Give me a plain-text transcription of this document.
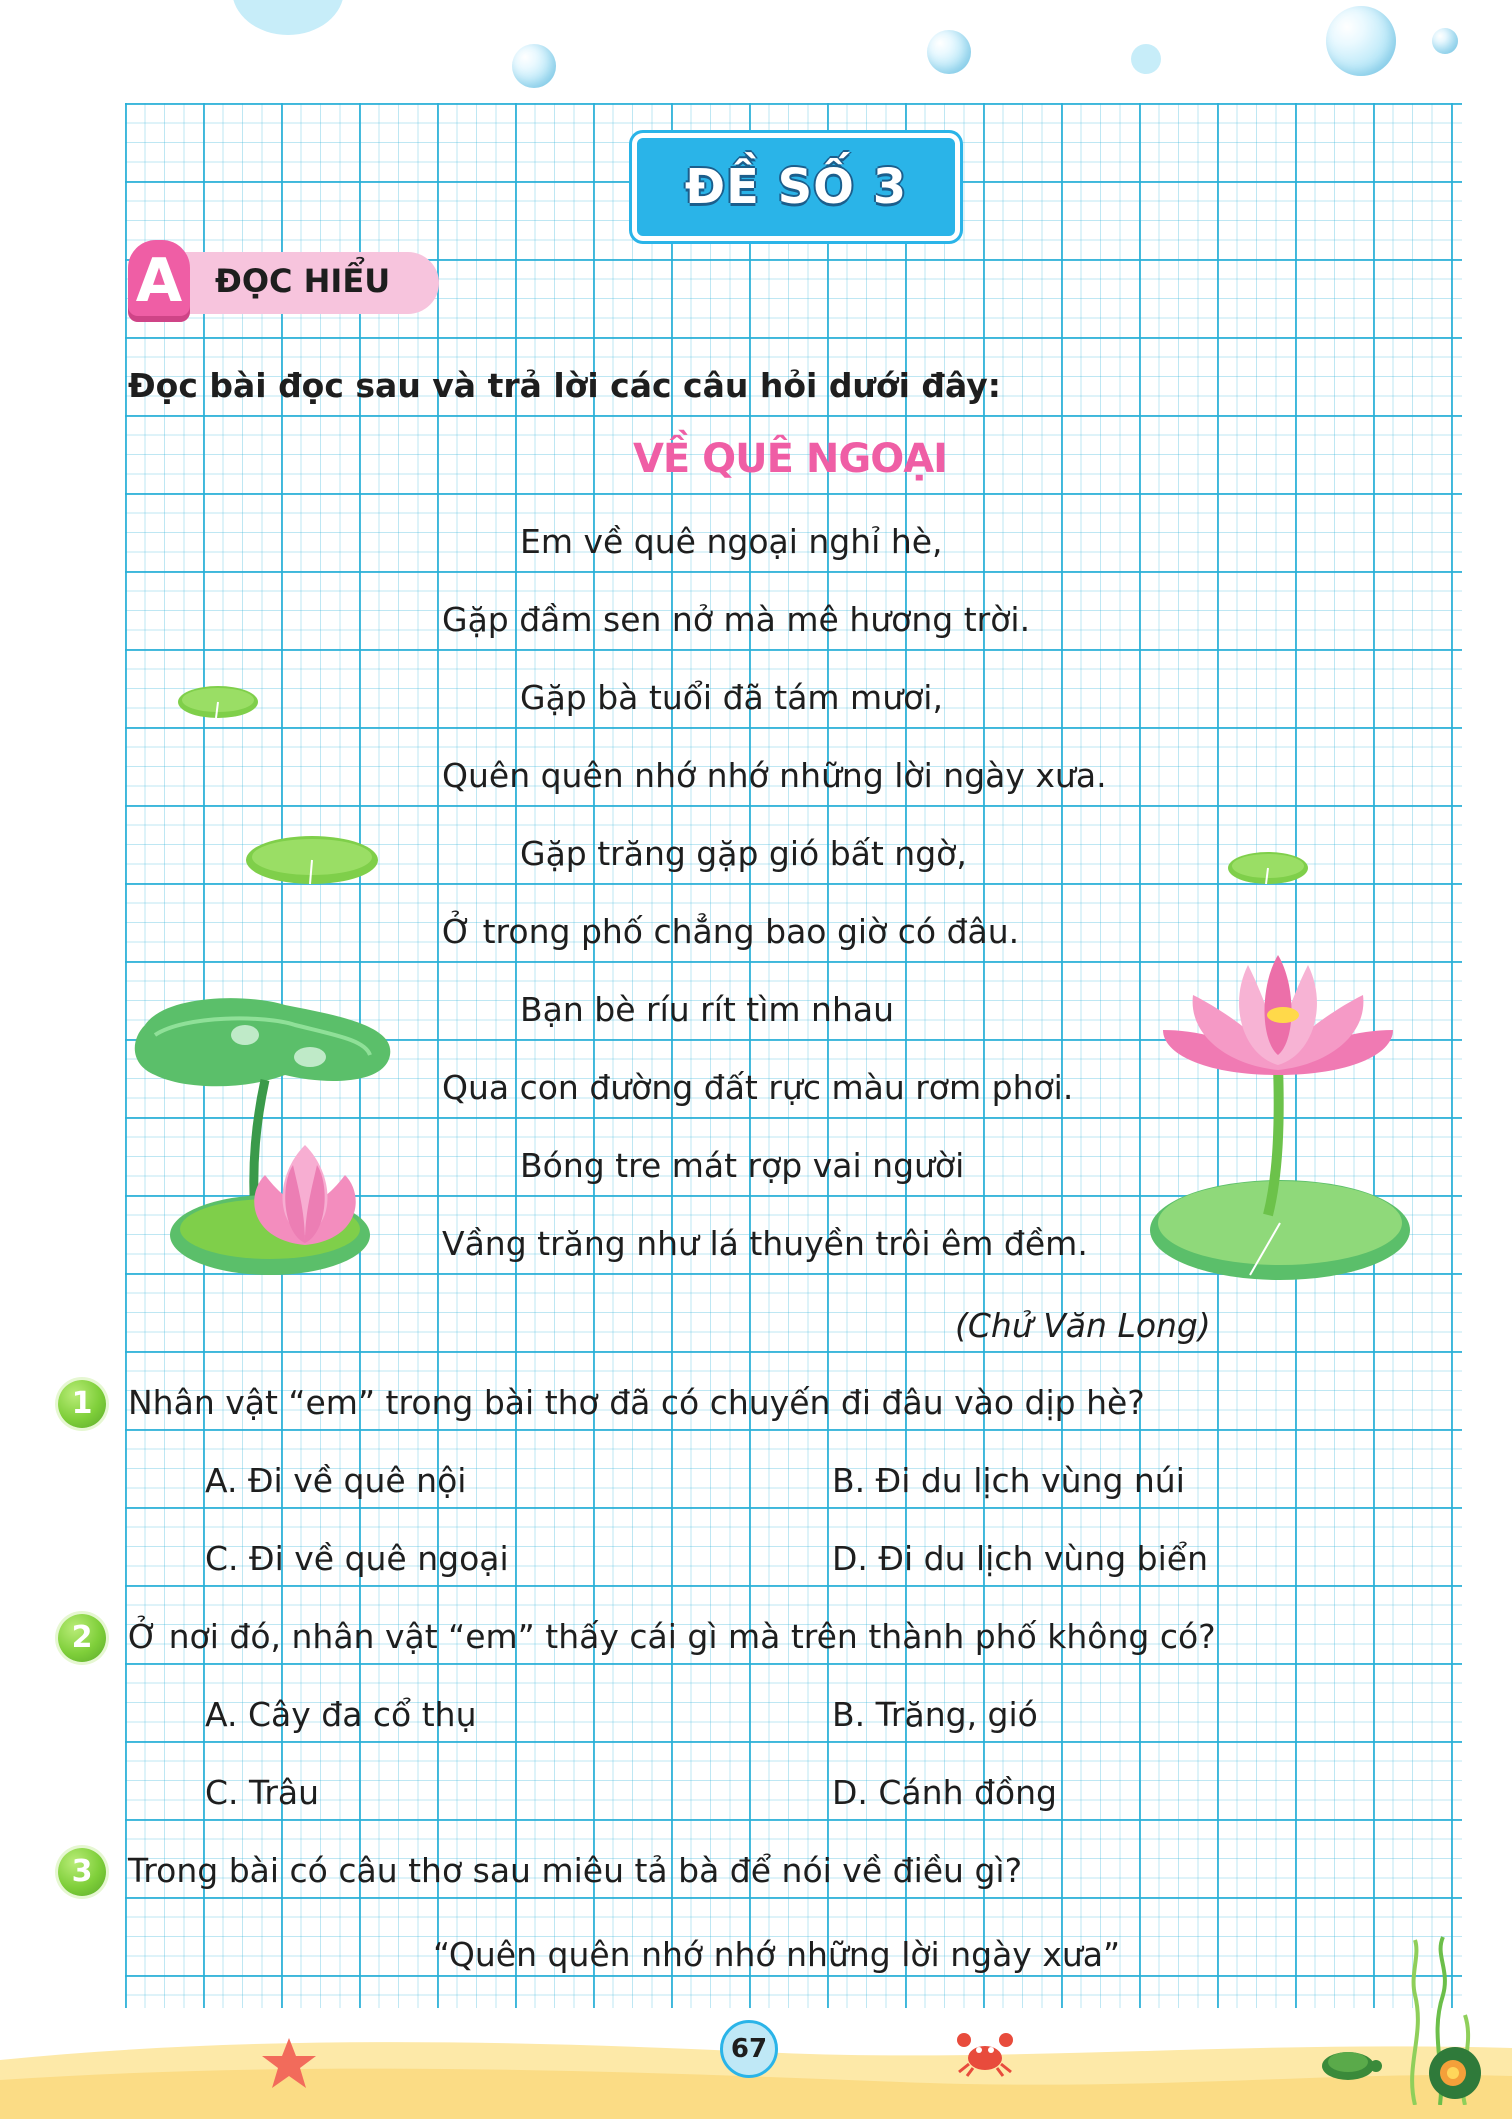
ĐỀ SỐ 3
A ĐỌC HIỂU
Đọc bài đọc sau và trả lời các câu hỏi dưới đây:
VỀ QUÊ NGOẠI
Em về quê ngoại nghỉ hè,
Gặp đầm sen nở mà mê hương trời.
Gặp bà tuổi đã tám mươi,
Quên quên nhớ nhớ những lời ngày xưa.
Gặp trăng gặp gió bất ngờ,
Ở trong phố chẳng bao giờ có đâu.
Bạn bè ríu rít tìm nhau
Qua con đường đất rực màu rơm phơi.
Bóng tre mát rợp vai người
Vầng trăng như lá thuyền trôi êm đềm.
(Chử Văn Long)
1	Nhân vật “em” trong bài thơ đã có chuyến đi đâu vào dịp hè?
A. Đi về quê nội	B. Đi du lịch vùng núi
C. Đi về quê ngoại	D. Đi du lịch vùng biển
2	Ở nơi đó, nhân vật “em” thấy cái gì mà trên thành phố không có?
A. Cây đa cổ thụ	B. Trăng, gió
C. Trâu	D. Cánh đồng
3	Trong bài có câu thơ sau miêu tả bà để nói về điều gì?
“Quên quên nhớ nhớ những lời ngày xưa”
67
